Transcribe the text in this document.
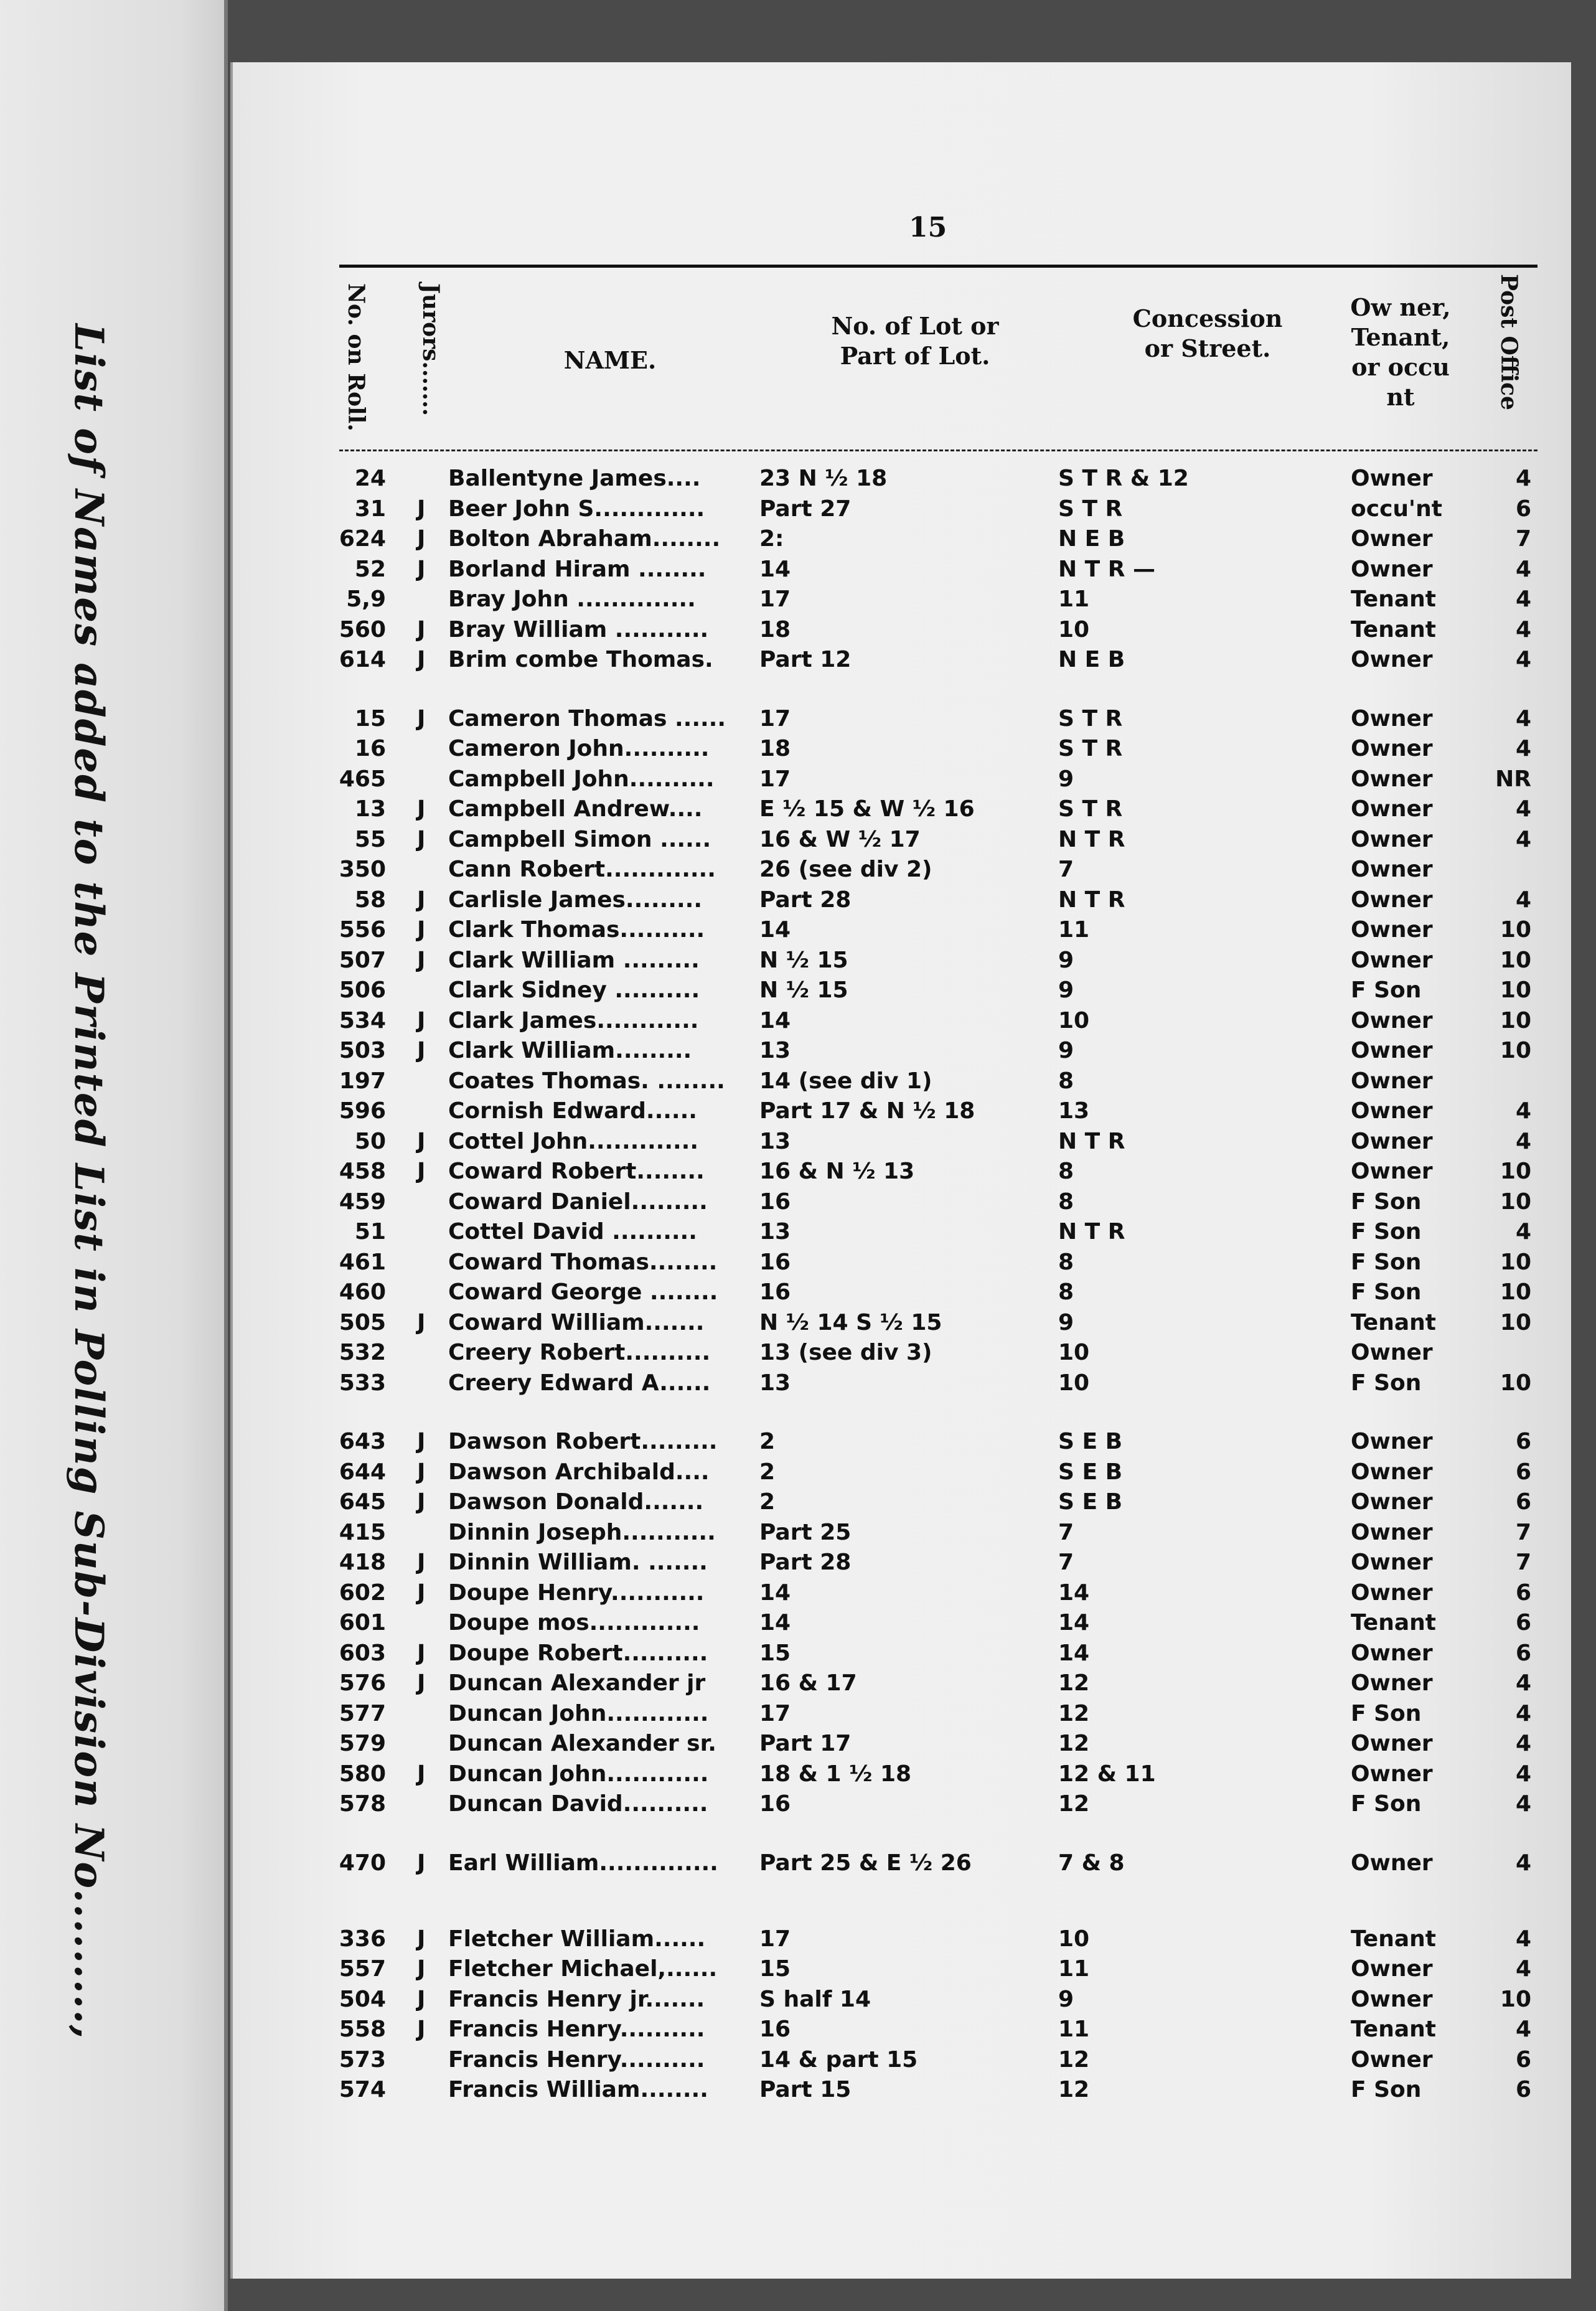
List of Names added to the Printed List in Polling Sub-Division No.........,
15
No. on Roll. Jurors.......	NAME.
No. of Lot or Part of Lot.
Concession or Street.
Ow ner, Tenant, or occu nt	Post Office
24	Ballentyne James....	23 N ½ 18	S T R & 12	Owner	4
31 J Beer John S.............	Part 27	S T R	occu'nt	6
624 J Bolton Abraham........	2:	N E B	Owner	7
52 J Borland Hiram ........	14	N T R —	Owner	4
5,9	Bray John ..............	17	11	Tenant	4
560 J Bray William ...........	18	10	Tenant	4
614 J Brim combe Thomas.	Part 12	N E B	Owner	4
15 J Cameron Thomas ......	17	S T R	Owner	4
16	Cameron John..........	18	S T R	Owner	4
465	Campbell John..........	17	9	Owner	NR
13 J Campbell Andrew....	E ½ 15 & W ½ 16	S T R	Owner	4
55 J Campbell Simon ......	16 & W ½ 17	N T R	Owner	4
350	Cann Robert.............	26 (see div 2)	7	Owner
58 J Carlisle James.........	Part 28	N T R	Owner	4
556 J Clark Thomas..........	14	11	Owner	10
507 J Clark William .........	N ½ 15	9	Owner	10
506	Clark Sidney ..........	N ½ 15	9	F Son	10
534 J Clark James............	14	10	Owner	10
503 J Clark William.........	13	9	Owner	10
197	Coates Thomas. ........	14 (see div 1)	8	Owner
596	Cornish Edward......	Part 17 & N ½ 18	13	Owner	4
50 J Cottel John.............	13	N T R	Owner	4
458 J Coward Robert........	16 & N ½ 13	8	Owner	10
459	Coward Daniel.........	16	8	F Son	10
51	Cottel David ..........	13	N T R	F Son	4
461	Coward Thomas........	16	8	F Son	10
460	Coward George ........	16	8	F Son	10
505 J Coward William.......	N ½ 14 S ½ 15	9	Tenant	10
532	Creery Robert..........	13 (see div 3)	10	Owner
533	Creery Edward A......	13	10	F Son	10
643 J Dawson Robert.........	2	S E B	Owner	6
644 J Dawson Archibald....	2	S E B	Owner	6
645 J Dawson Donald.......	2	S E B	Owner	6
415	Dinnin Joseph...........	Part 25	7	Owner	7
418 J Dinnin William. .......	Part 28	7	Owner	7
602 J Doupe Henry...........	14	14	Owner	6
601	Doupe mos.............	14	14	Tenant	6
603 J Doupe Robert..........	15	14	Owner	6
576 J Duncan Alexander jr	16 & 17	12	Owner	4
577	Duncan John............	17	12	F Son	4
579	Duncan Alexander sr.	Part 17	12	Owner	4
580 J Duncan John............	18 & 1 ½ 18	12 & 11	Owner	4
578	Duncan David..........	16	12	F Son	4
470 J Earl William..............	Part 25 & E ½ 26	7 & 8	Owner	4
336 J Fletcher William......	17	10	Tenant	4
557 J Fletcher Michael,......	15	11	Owner	4
504 J Francis Henry jr.......	S half 14	9	Owner	10
558 J Francis Henry..........	16	11	Tenant	4
573	Francis Henry..........	14 & part 15	12	Owner	6
574	Francis William........	Part 15	12	F Son	6
